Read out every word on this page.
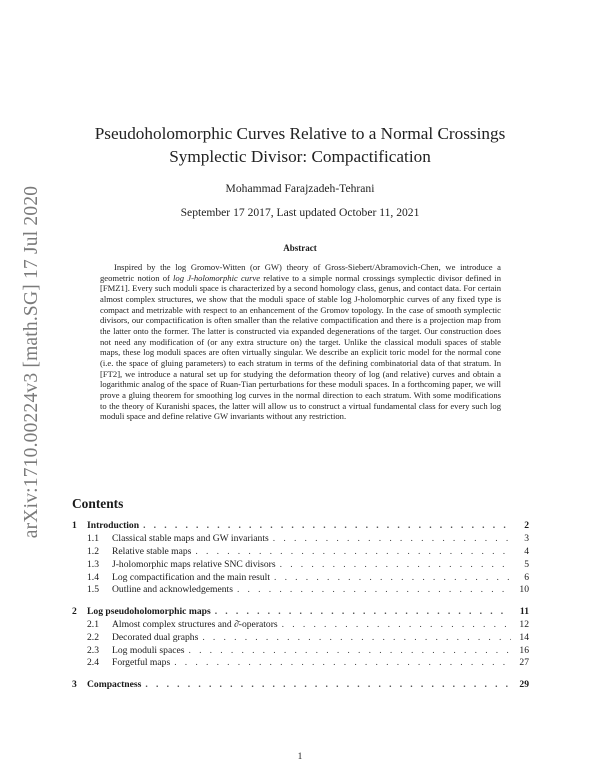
arXiv:1710.00224v3 [math.SG] 17 Jul 2020
Pseudoholomorphic Curves Relative to a Normal Crossings Symplectic Divisor: Compactification
Mohammad Farajzadeh-Tehrani
September 17 2017, Last updated October 11, 2021
Abstract

Inspired by the log Gromov-Witten (or GW) theory of Gross-Siebert/Abramovich-Chen, we introduce a geometric notion of log J-holomorphic curve relative to a simple normal crossings symplectic divisor defined in [FMZ1]. Every such moduli space is characterized by a second homology class, genus, and contact data. For certain almost complex structures, we show that the moduli space of stable log J-holomorphic curves of any fixed type is compact and metrizable with respect to an enhancement of the Gromov topology. In the case of smooth symplectic divisors, our compactification is often smaller than the relative compactification and there is a projection map from the latter onto the former. The latter is constructed via expanded degenerations of the target. Our construction does not need any modification of (or any extra structure on) the target. Unlike the classical moduli spaces of stable maps, these log moduli spaces are often virtually singular. We describe an explicit toric model for the normal cone (i.e. the space of gluing parameters) to each stratum in terms of the defining combinatorial data of that stratum. In [FT2], we introduce a natural set up for studying the deformation theory of log (and relative) curves and obtain a logarithmic analog of the space of Ruan-Tian perturbations for these moduli spaces. In a forthcoming paper, we will prove a gluing theorem for smoothing log curves in the normal direction to each stratum. With some modifications to the theory of Kuranishi spaces, the latter will allow us to construct a virtual fundamental class for every such log moduli space and define relative GW invariants without any restriction.

Contents
1	Introduction . . .	2
1.1	Classical stable maps and GW invariants . . .	3
1.2	Relative stable maps . . .	4
1.3	J-holomorphic maps relative SNC divisors . . .	5
1.4	Log compactification and the main result . . .	6
1.5	Outline and acknowledgements . . .	10
2	Log pseudoholomorphic maps . . .	11
2.1	Almost complex structures and ∂̄-operators . . .	12
2.2	Decorated dual graphs . . .	14
2.3	Log moduli spaces . . .	16
2.4	Forgetful maps . . .	27
3	Compactness . . .	29
1
